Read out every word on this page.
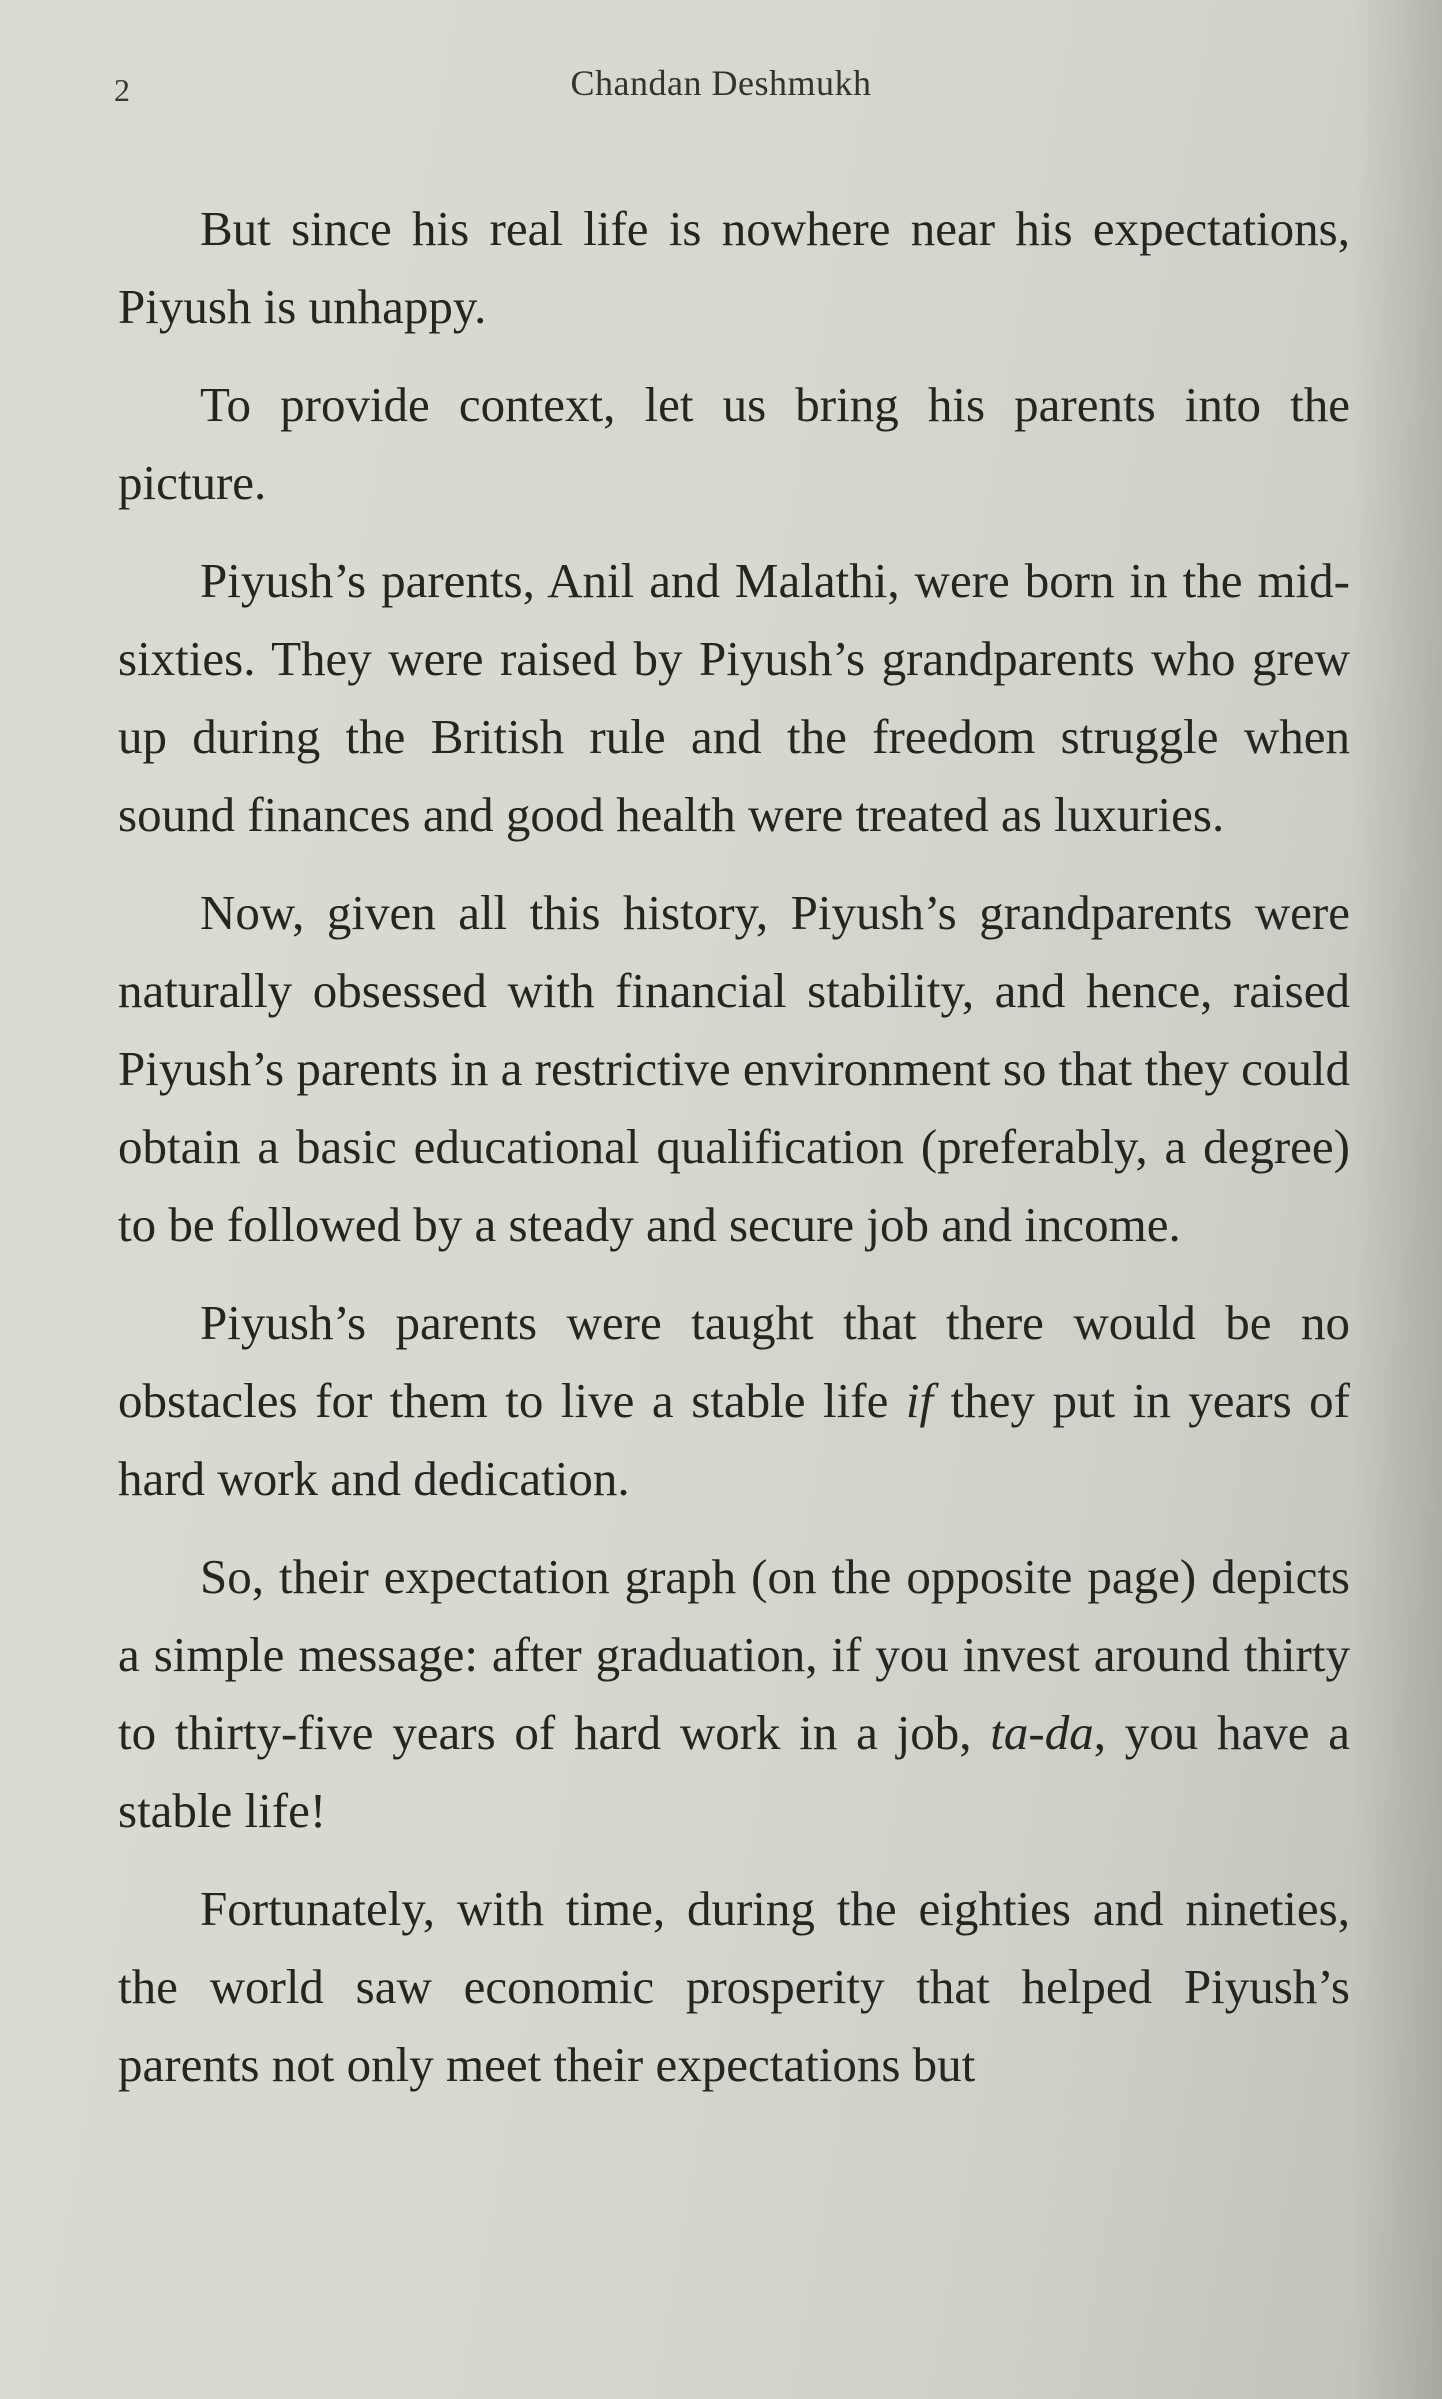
2	Chandan Deshmukh

But since his real life is nowhere near his expectations, Piyush is unhappy.

To provide context, let us bring his parents into the picture.

Piyush’s parents, Anil and Malathi, were born in the mid-sixties. They were raised by Piyush’s grandparents who grew up during the British rule and the freedom struggle when sound finances and good health were treated as luxuries.

Now, given all this history, Piyush’s grandparents were naturally obsessed with financial stability, and hence, raised Piyush’s parents in a restrictive environment so that they could obtain a basic educational qualification (preferably, a degree) to be followed by a steady and secure job and income.

Piyush’s parents were taught that there would be no obstacles for them to live a stable life if they put in years of hard work and dedication.

So, their expectation graph (on the opposite page) depicts a simple message: after graduation, if you invest around thirty to thirty-five years of hard work in a job, ta-da, you have a stable life!

Fortunately, with time, during the eighties and nineties, the world saw economic prosperity that helped Piyush’s parents not only meet their expectations but
